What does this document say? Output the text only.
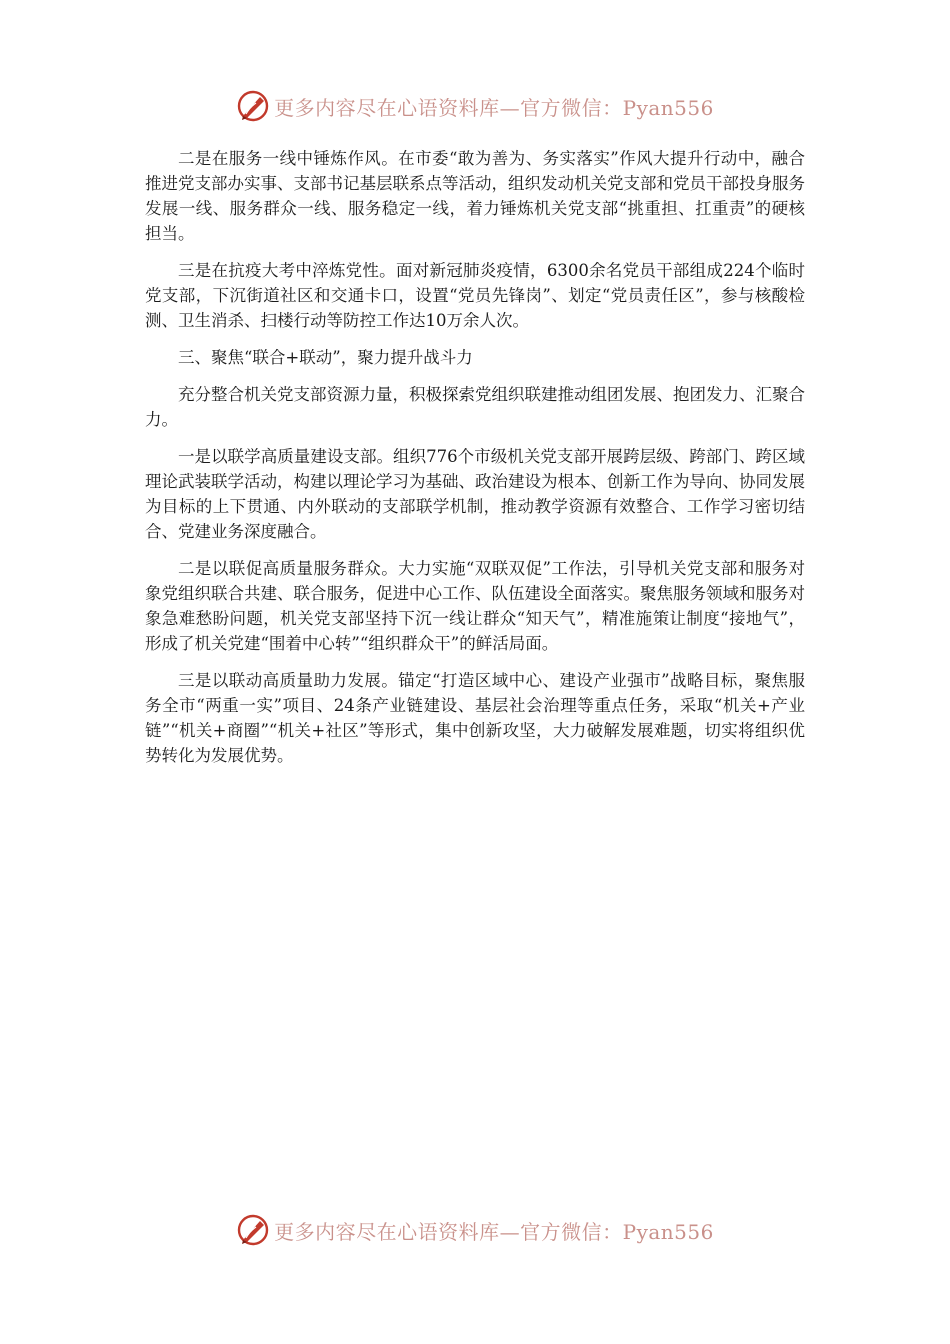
更多内容尽在心语资料库—官方微信：Pyan556

二是在服务一线中锤炼作风。在市委“敢为善为、务实落实”作风大提升行动中，融合推进党支部办实事、支部书记基层联系点等活动，组织发动机关党支部和党员干部投身服务发展一线、服务群众一线、服务稳定一线，着力锤炼机关党支部“挑重担、扛重责”的硬核担当。

三是在抗疫大考中淬炼党性。面对新冠肺炎疫情，6300余名党员干部组成224个临时党支部，下沉街道社区和交通卡口，设置“党员先锋岗”、划定“党员责任区”，参与核酸检测、卫生消杀、扫楼行动等防控工作达10万余人次。

三、聚焦“联合+联动”，聚力提升战斗力

充分整合机关党支部资源力量，积极探索党组织联建推动组团发展、抱团发力、汇聚合力。

一是以联学高质量建设支部。组织776个市级机关党支部开展跨层级、跨部门、跨区域理论武装联学活动，构建以理论学习为基础、政治建设为根本、创新工作为导向、协同发展为目标的上下贯通、内外联动的支部联学机制，推动教学资源有效整合、工作学习密切结合、党建业务深度融合。

二是以联促高质量服务群众。大力实施“双联双促”工作法，引导机关党支部和服务对象党组织联合共建、联合服务，促进中心工作、队伍建设全面落实。聚焦服务领域和服务对象急难愁盼问题，机关党支部坚持下沉一线让群众“知天气”，精准施策让制度“接地气”，形成了机关党建“围着中心转”“组织群众干”的鲜活局面。

三是以联动高质量助力发展。锚定“打造区域中心、建设产业强市”战略目标，聚焦服务全市“两重一实”项目、24条产业链建设、基层社会治理等重点任务，采取“机关+产业链”“机关+商圈”“机关+社区”等形式，集中创新攻坚，大力破解发展难题，切实将组织优势转化为发展优势。

更多内容尽在心语资料库—官方微信：Pyan556
